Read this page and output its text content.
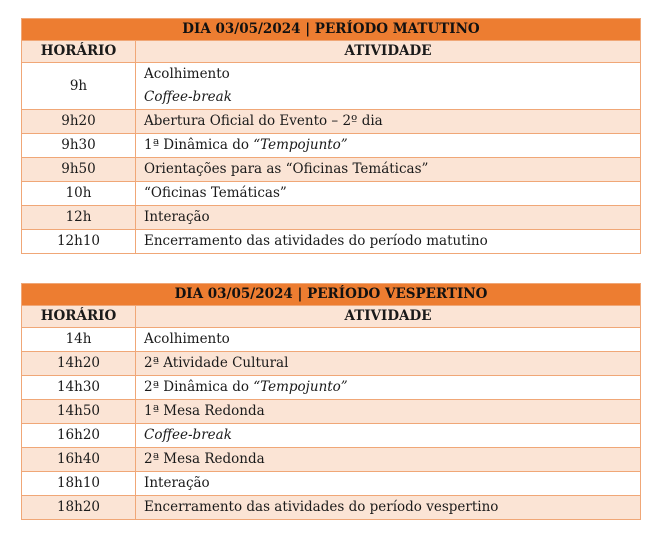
DIA 03/05/2024 | PERÍODO MATUTINO	
HORÁRIO	ATIVIDADE
9h	Acolhimento
Coffee-break

9h20	Abertura Oficial do Evento – 2º dia
9h30	1ª Dinâmica do “Tempojunto”
9h50	Orientações para as “Oficinas Temáticas”
10h	“Oficinas Temáticas”
12h	Interação
12h10	Encerramento das atividades do período matutino
DIA 03/05/2024 | PERÍODO VESPERTINO	
HORÁRIO	ATIVIDADE
14h	Acolhimento
14h20	2ª Atividade Cultural
14h30	2ª Dinâmica do “Tempojunto”
14h50	1ª Mesa Redonda
16h20	Coffee-break
16h40	2ª Mesa Redonda
18h10	Interação
18h20	Encerramento das atividades do período vespertino
